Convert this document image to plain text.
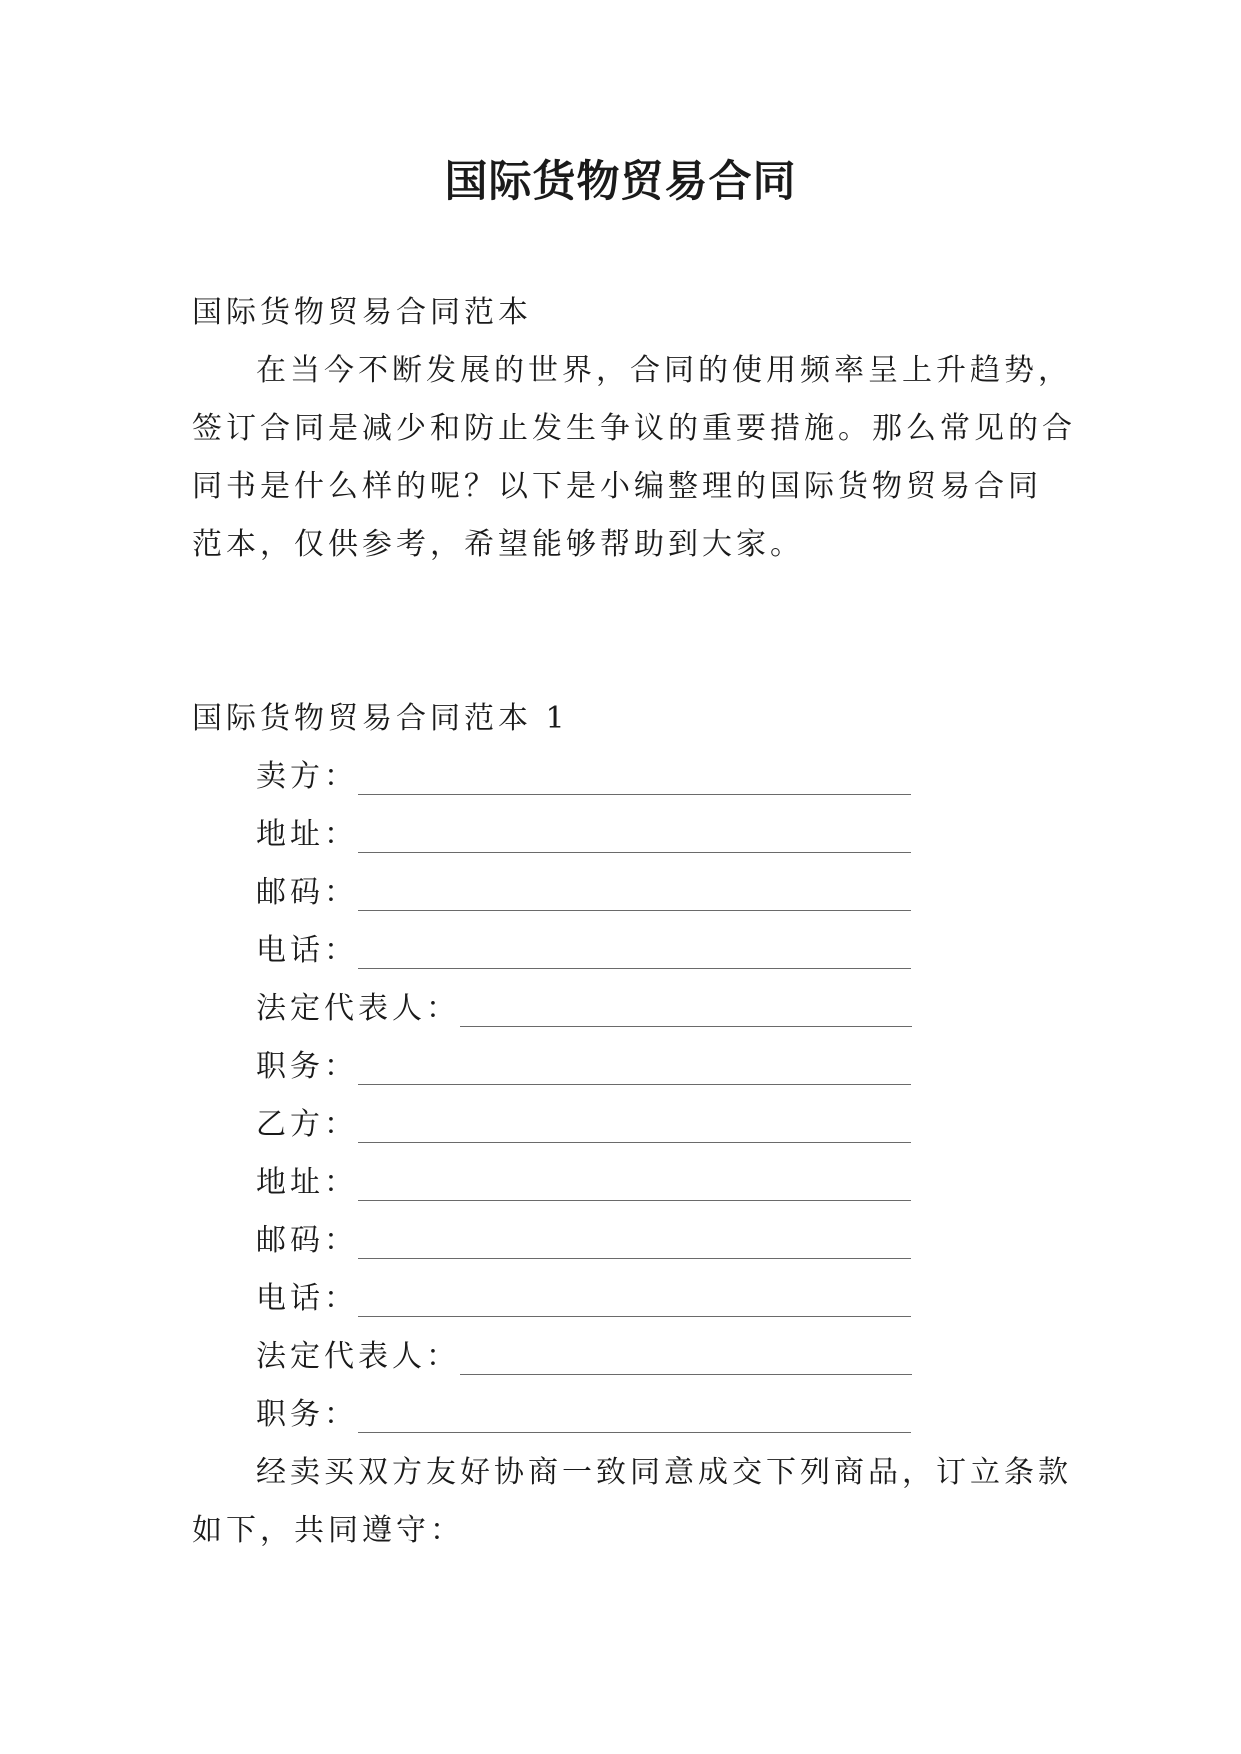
国际货物贸易合同
国际货物贸易合同范本
在当今不断发展的世界，合同的使用频率呈上升趋势，
签订合同是减少和防止发生争议的重要措施。那么常见的合
同书是什么样的呢？以下是小编整理的国际货物贸易合同
范本，仅供参考，希望能够帮助到大家。
国际货物贸易合同范本 1
卖方：
地址：
邮码：
电话：
法定代表人：
职务：
乙方：
地址：
邮码：
电话：
法定代表人：
职务：
经卖买双方友好协商一致同意成交下列商品，订立条款
如下，共同遵守：
